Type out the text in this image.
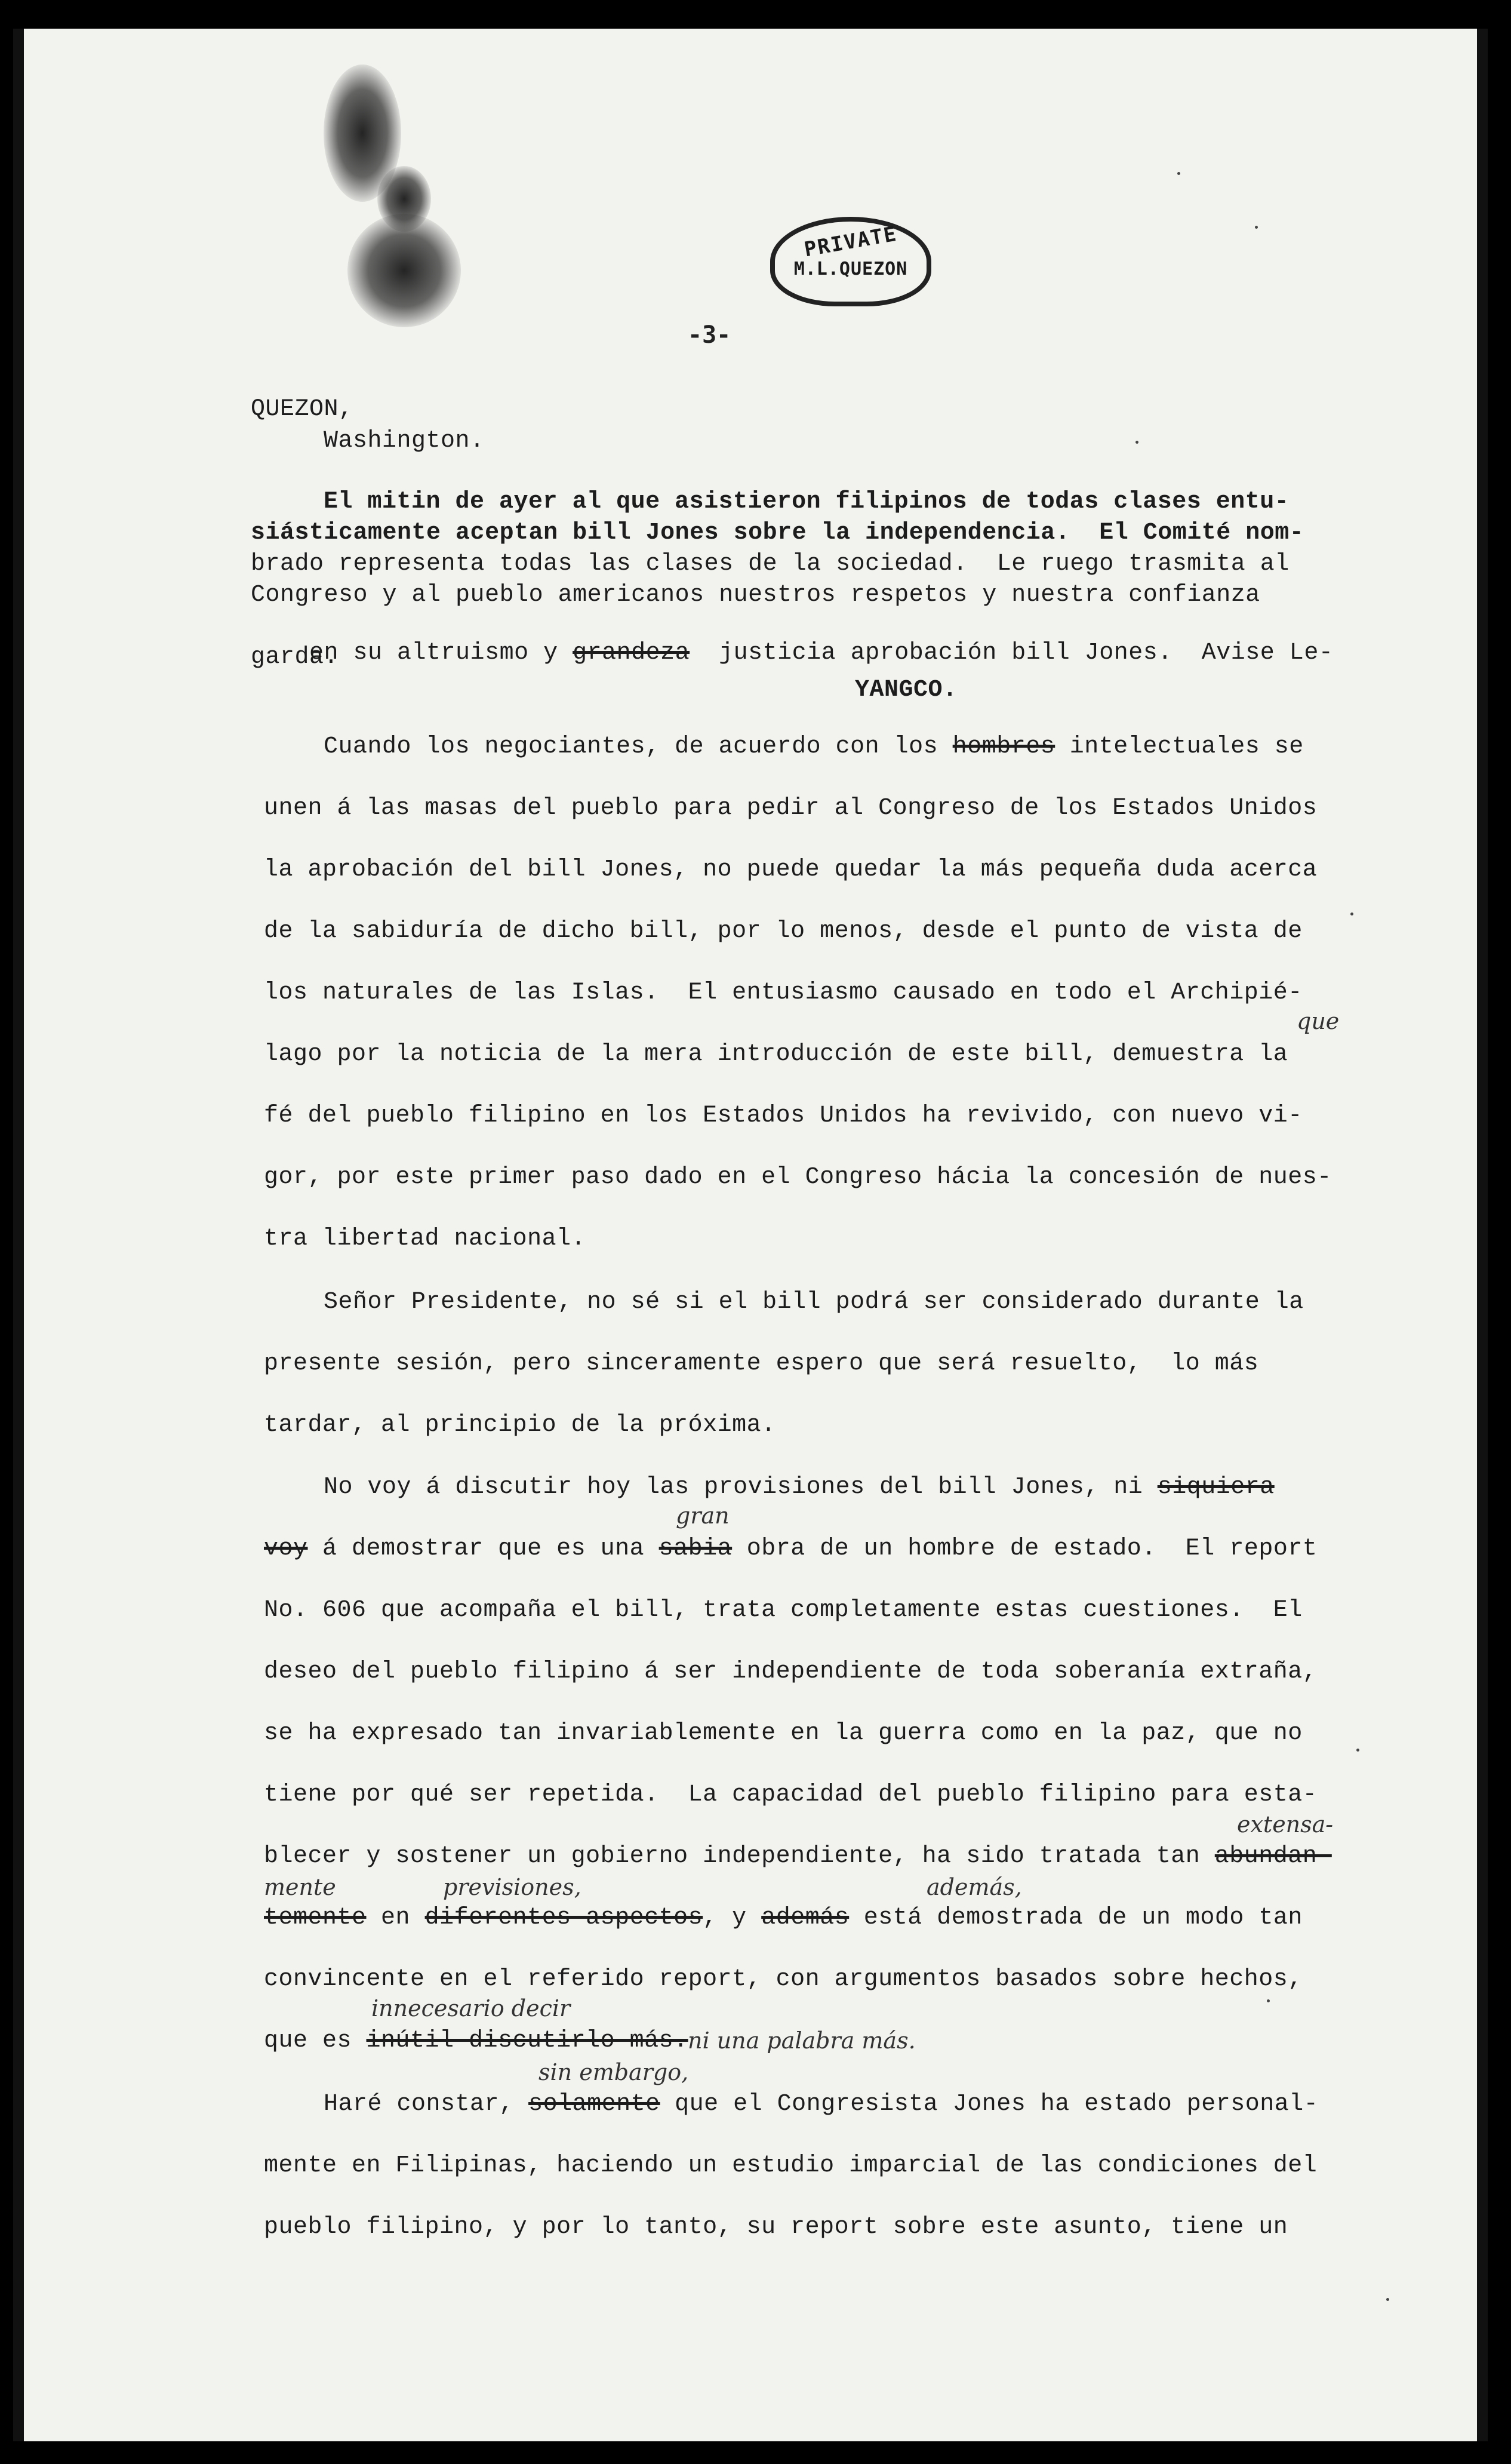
PRIVATE
M.L.QUEZON
-3-
QUEZON,
Washington.
El mitin de ayer al que asistieron filipinos de todas clases entu-
siásticamente aceptan bill Jones sobre la independencia.  El Comité nom-
brado representa todas las clases de la sociedad.  Le ruego trasmita al
Congreso y al pueblo americanos nuestros respetos y nuestra confianza

en su altruismo y grandeza justicia aprobación bill Jones.  Avise Le-

garda.
YANGCO.
Cuando los negociantes, de acuerdo con los hombres intelectuales se
unen á las masas del pueblo para pedir al Congreso de los Estados Unidos
la aprobación del bill Jones, no puede quedar la más pequeña duda acerca
de la sabiduría de dicho bill, por lo menos, desde el punto de vista de
los naturales de las Islas.  El entusiasmo causado en todo el Archipié-
que
lago por la noticia de la mera introducción de este bill, demuestra la
fé del pueblo filipino en los Estados Unidos ha revivido, con nuevo vi-
gor, por este primer paso dado en el Congreso hácia la concesión de nues-
tra libertad nacional.
Señor Presidente, no sé si el bill podrá ser considerado durante la
presente sesión, pero sinceramente espero que será resuelto,  lo más
tardar, al principio de la próxima.
No voy á discutir hoy las provisiones del bill Jones, ni siquiera
gran
voy á demostrar que es una sabia obra de un hombre de estado.  El report
No. 606 que acompaña el bill, trata completamente estas cuestiones.  El
deseo del pueblo filipino á ser independiente de toda soberanía extraña,
se ha expresado tan invariablemente en la guerra como en la paz, que no
tiene por qué ser repetida.  La capacidad del pueblo filipino para esta-
extensa-
blecer y sostener un gobierno independiente, ha sido tratada tan abundan-
mente	previsiones,	además,
temente en diferentes aspectos, y además está demostrada de un modo tan
convincente en el referido report, con argumentos basados sobre hechos,
innecesario decir
que es inútil discutirlo más. ni una palabra más.
sin embargo,
Haré constar, solamente que el Congresista Jones ha estado personal-
mente en Filipinas, haciendo un estudio imparcial de las condiciones del
pueblo filipino, y por lo tanto, su report sobre este asunto, tiene un
